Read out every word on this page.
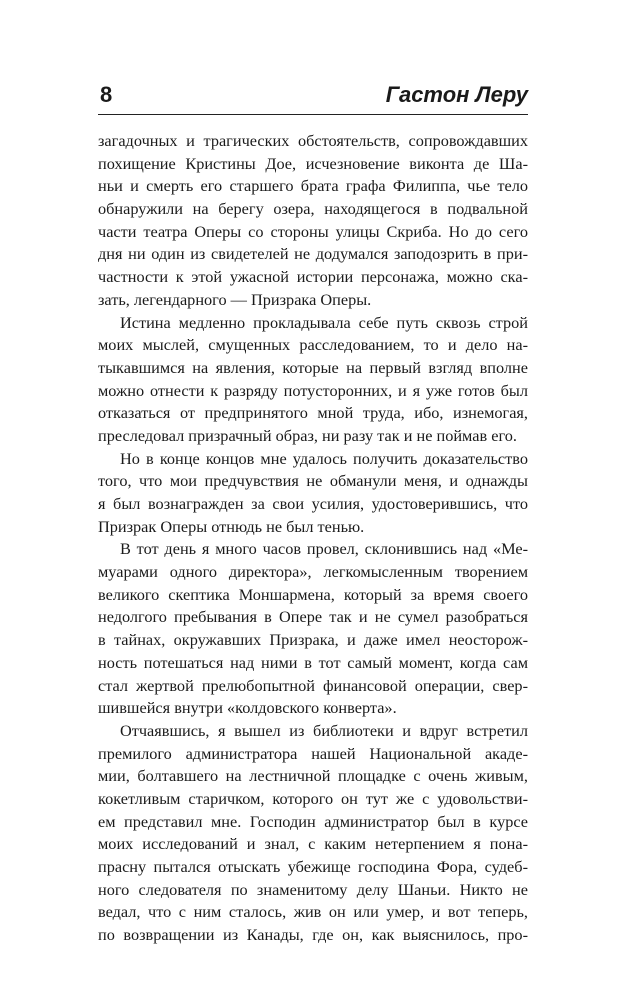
8	Гастон Леру
загадочных и трагических обстоятельств, сопровождавших
похищение Кристины Дое, исчезновение виконта де Ша-
ньи и смерть его старшего брата графа Филиппа, чье тело
обнаружили на берегу озера, находящегося в подвальной
части театра Оперы со стороны улицы Скриба. Но до сего
дня ни один из свидетелей не додумался заподозрить в при-
частности к этой ужасной истории персонажа, можно ска-
зать, легендарного — Призрака Оперы.
Истина медленно прокладывала себе путь сквозь строй
моих мыслей, смущенных расследованием, то и дело на-
тыкавшимся на явления, которые на первый взгляд вполне
можно отнести к разряду потусторонних, и я уже готов был
отказаться от предпринятого мной труда, ибо, изнемогая,
преследовал призрачный образ, ни разу так и не поймав его.
Но в конце концов мне удалось получить доказательство
того, что мои предчувствия не обманули меня, и однажды
я был вознагражден за свои усилия, удостоверившись, что
Призрак Оперы отнюдь не был тенью.
В тот день я много часов провел, склонившись над «Ме-
муарами одного директора», легкомысленным творением
великого скептика Моншармена, который за время своего
недолгого пребывания в Опере так и не сумел разобраться
в тайнах, окружавших Призрака, и даже имел неосторож-
ность потешаться над ними в тот самый момент, когда сам
стал жертвой прелюбопытной финансовой операции, свер-
шившейся внутри «колдовского конверта».
Отчаявшись, я вышел из библиотеки и вдруг встретил
премилого администратора нашей Национальной акаде-
мии, болтавшего на лестничной площадке с очень живым,
кокетливым старичком, которого он тут же с удовольстви-
ем представил мне. Господин администратор был в курсе
моих исследований и знал, с каким нетерпением я пона-
прасну пытался отыскать убежище господина Фора, судеб-
ного следователя по знаменитому делу Шаньи. Никто не
ведал, что с ним сталось, жив он или умер, и вот теперь,
по возвращении из Канады, где он, как выяснилось, про-
